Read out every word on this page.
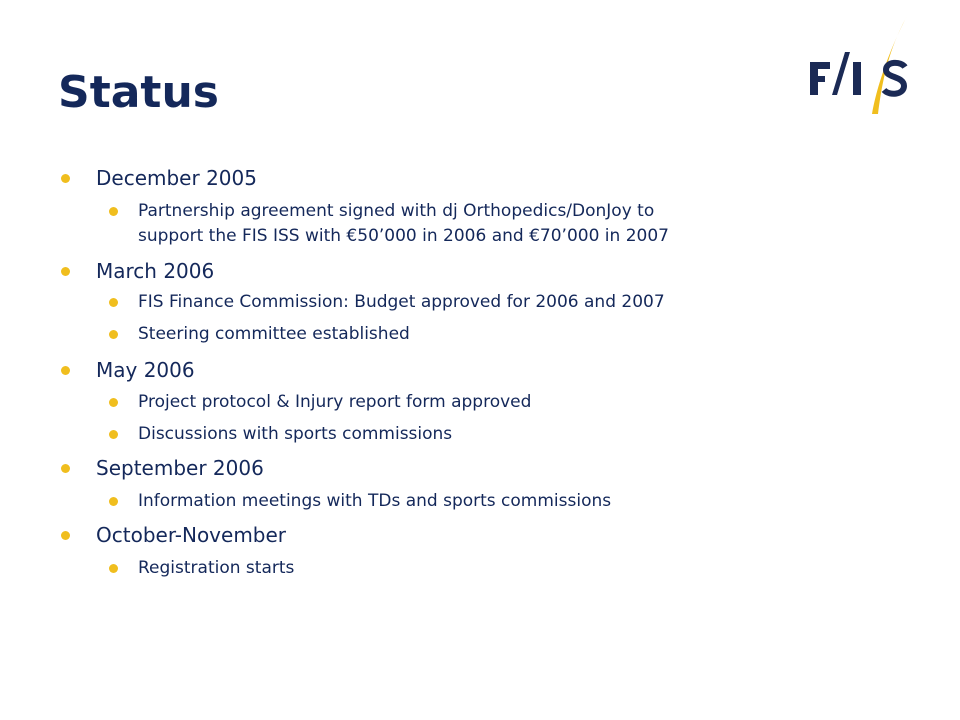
Status
December 2005
Partnership agreement signed with dj Orthopedics/DonJoy to
support the FIS ISS with €50’000 in 2006 and €70’000 in 2007
March 2006
FIS Finance Commission: Budget approved for 2006 and 2007
Steering committee established
May 2006
Project protocol & Injury report form approved
Discussions with sports commissions
September 2006
Information meetings with TDs and sports commissions
October-November
Registration starts
